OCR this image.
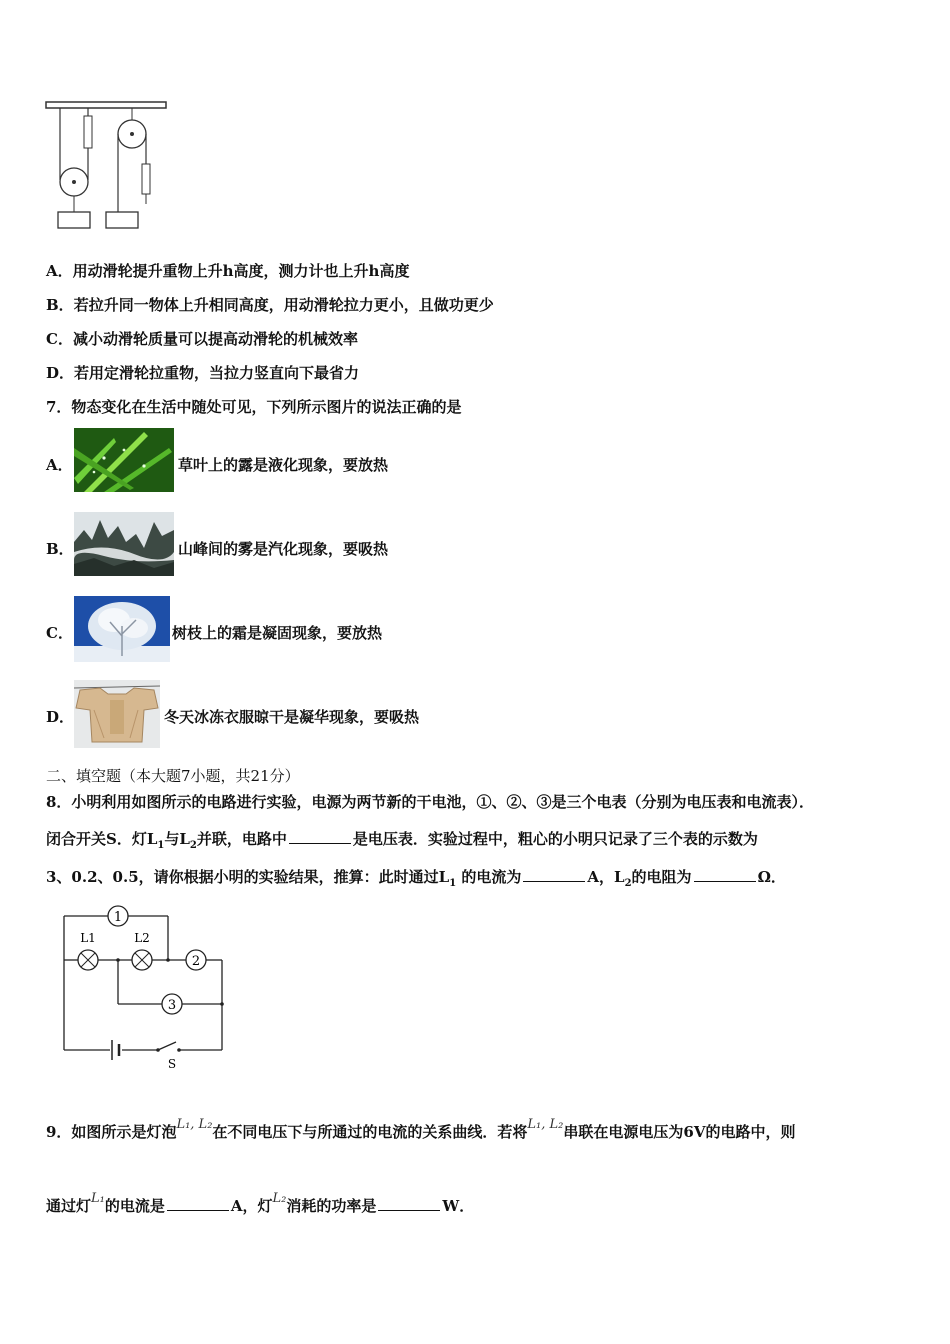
A．用动滑轮提升重物上升h高度，测力计也上升h高度
B．若拉升同一物体上升相同高度，用动滑轮拉力更小，且做功更少
C．减小动滑轮质量可以提高动滑轮的机械效率
D．若用定滑轮拉重物，当拉力竖直向下最省力
7．物态变化在生活中随处可见，下列所示图片的说法正确的是
A．	草叶上的露是液化现象，要放热
B．	山峰间的雾是汽化现象，要吸热
C．	树枝上的霜是凝固现象，要放热
D．	冬天冰冻衣服晾干是凝华现象，要吸热
二、填空题（本大题7小题，共21分）
8．小明利用如图所示的电路进行实验，电源为两节新的干电池，①、②、③是三个电表（分别为电压表和电流表）．
闭合开关S．灯$L_1$与$L_2$并联，电路中	是电压表．实验过程中，粗心的小明只记录了三个表的示数为
3、0.2、0.5，请你根据小明的实验结果，推算：此时通过$L_1$ 的电流为	A，$L_2$的电阻为	Ω．
1
2
3
L1	L2
S
9．如图所示是灯泡L₁, L₂在不同电压下与所通过的电流的关系曲线．若将L₁, L₂串联在电源电压为6V的电路中，则
通过灯L₁的电流是	A，灯L₂消耗的功率是	W．
